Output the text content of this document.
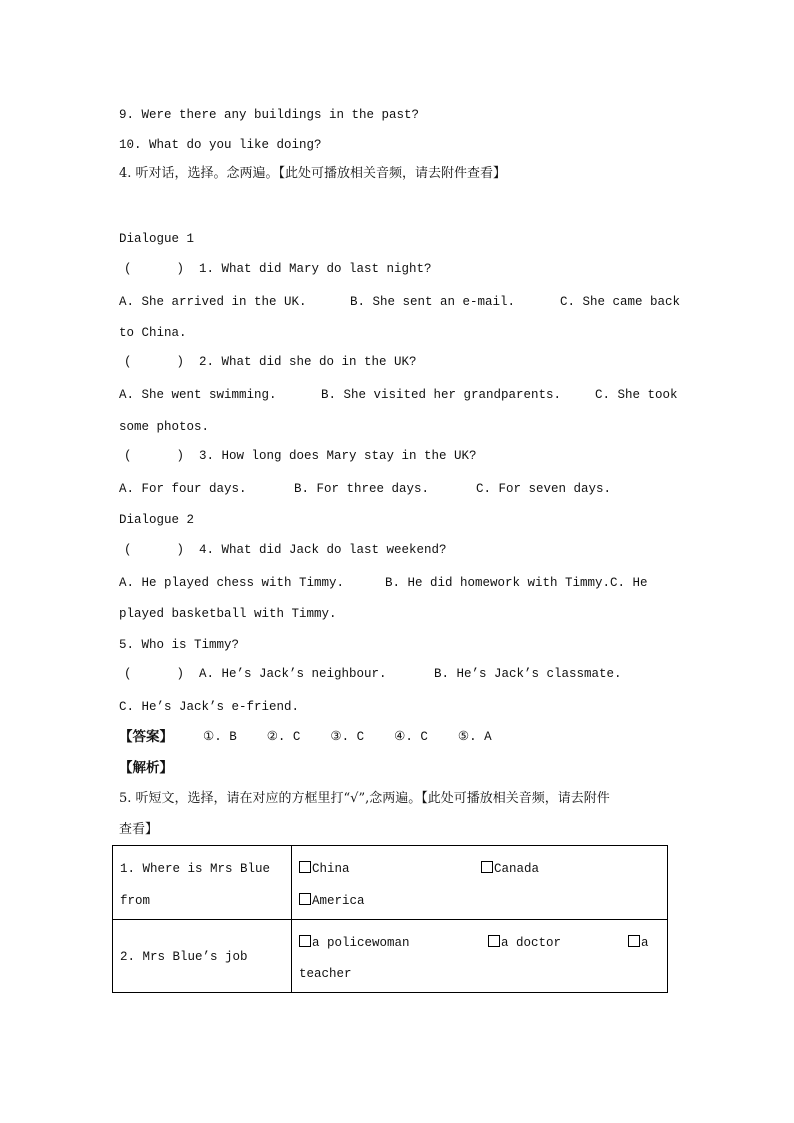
9. Were there any buildings in the past?
10. What do you like doing?
4. 听对话，选择。念两遍。【此处可播放相关音频，请去附件查看】
Dialogue 1
(      )  1. What did Mary do last night?
A. She arrived in the UK.	B. She sent an e-mail.	C. She came back
to China.
(      )  2. What did she do in the UK?
A. She went swimming.	B. She visited her grandparents.	C. She took
some photos.
(      )  3. How long does Mary stay in the UK?
A. For four days.	B. For three days.	C. For seven days.
Dialogue 2
(      )  4. What did Jack do last weekend?
A. He played chess with Timmy.	B. He did homework with Timmy. C. He
played basketball with Timmy.
5. Who is Timmy?
(      )  A. He’s Jack’s neighbour.	B. He’s Jack’s classmate.
C. He’s Jack’s e-friend.
【答案】 ①. B    ②. C    ③. C    ④. C    ⑤. A
【解析】
5. 听短文，选择，请在对应的方框里打“√”,念两遍。【此处可播放相关音频，请去附件
查看】
1. Where is Mrs Blue
from	China Canada
America

2. Mrs Blue’s job	a policewoman a doctor a
teacher
